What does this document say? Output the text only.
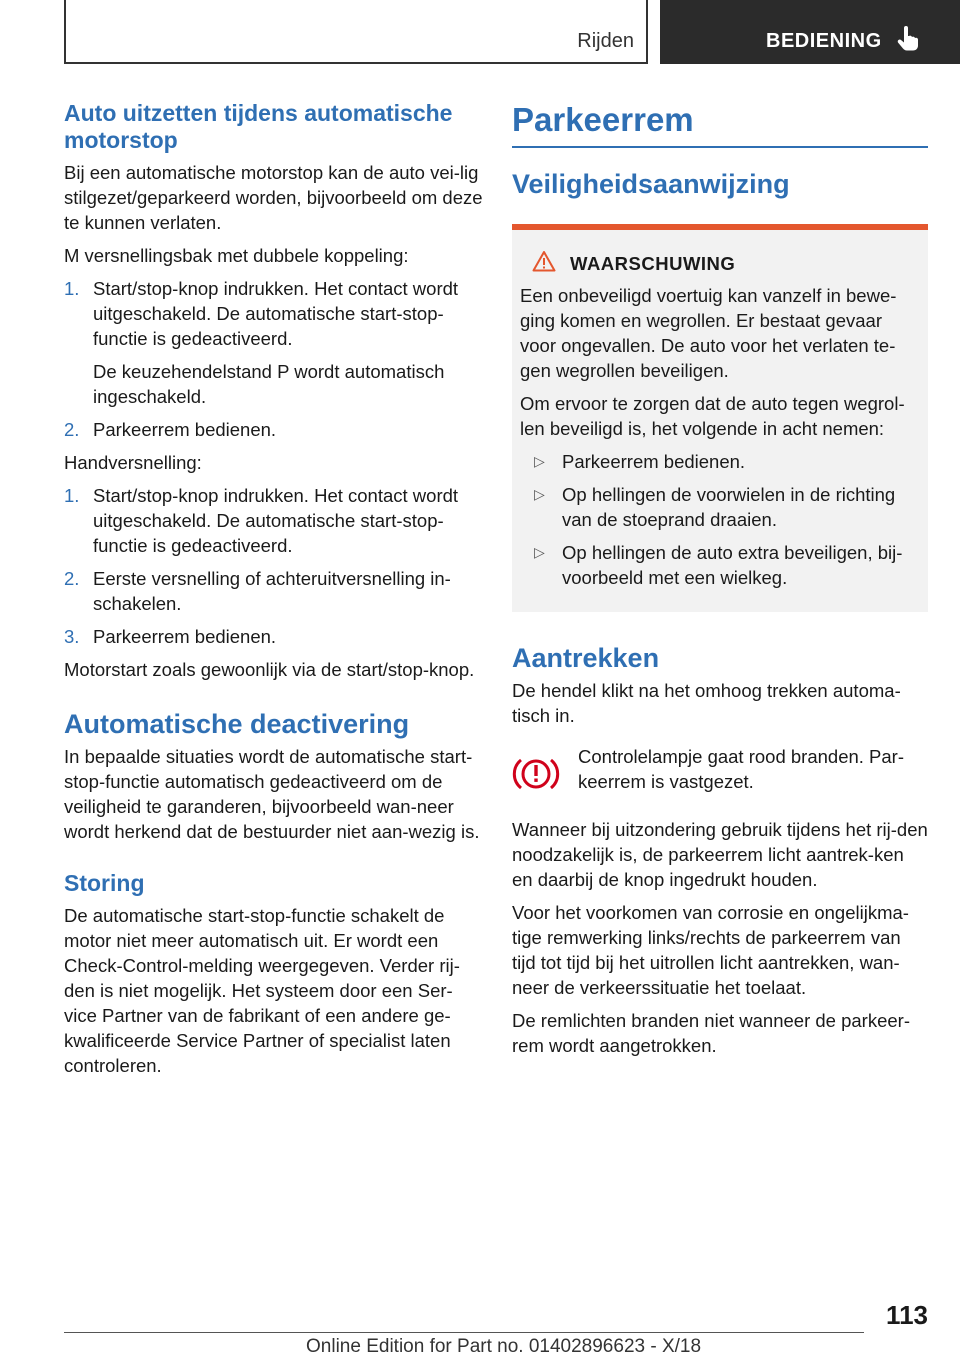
Rijden	BEDIENING
Auto uitzetten tijdens automatische motorstop

Bij een automatische motorstop kan de auto vei-lig stilgezet/geparkeerd worden, bijvoorbeeld om deze te kunnen verlaten.

M versnellingsbak met dubbele koppeling:

1. Start/stop-knop indrukken. Het contact wordt uitgeschakeld. De automatische start-stop-functie is gedeactiveerd.
De keuzehendelstand P wordt automatisch ingeschakeld.
2. Parkeerrem bedienen.

Handversnelling:

1. Start/stop-knop indrukken. Het contact wordt uitgeschakeld. De automatische start-stop-functie is gedeactiveerd.
2. Eerste versnelling of achteruitversnelling in-schakelen.
3. Parkeerrem bedienen.

Motorstart zoals gewoonlijk via de start/stop-knop.

Automatische deactivering

In bepaalde situaties wordt de automatische start-stop-functie automatisch gedeactiveerd om de veiligheid te garanderen, bijvoorbeeld wan-neer wordt herkend dat de bestuurder niet aan-wezig is.

Storing

De automatische start-stop-functie schakelt de motor niet meer automatisch uit. Er wordt een Check-Control-melding weergegeven. Verder rij-den is niet mogelijk. Het systeem door een Ser-vice Partner van de fabrikant of een andere ge-kwalificeerde Service Partner of specialist laten controleren.

Parkeerrem
Veiligheidsaanwijzing
WAARSCHUWING

Een onbeveiligd voertuig kan vanzelf in bewe-ging komen en wegrollen. Er bestaat gevaar voor ongevallen. De auto voor het verlaten te-gen wegrollen beveiligen.

Om ervoor te zorgen dat de auto tegen wegrol-len beveiligd is, het volgende in acht nemen:

▷ Parkeerrem bedienen.
▷ Op hellingen de voorwielen in de richting van de stoeprand draaien.
▷ Op hellingen de auto extra beveiligen, bij-voorbeeld met een wielkeg.
Aantrekken

De hendel klikt na het omhoog trekken automa-tisch in.

Controlelampje gaat rood branden. Par-keerrem is vastgezet.

Wanneer bij uitzondering gebruik tijdens het rij-den noodzakelijk is, de parkeerrem licht aantrek-ken en daarbij de knop ingedrukt houden.

Voor het voorkomen van corrosie en ongelijkma-tige remwerking links/rechts de parkeerrem van tijd tot tijd bij het uitrollen licht aantrekken, wan-neer de verkeerssituatie het toelaat.

De remlichten branden niet wanneer de parkeer-rem wordt aangetrokken.

113
Online Edition for Part no. 01402896623 - X/18
